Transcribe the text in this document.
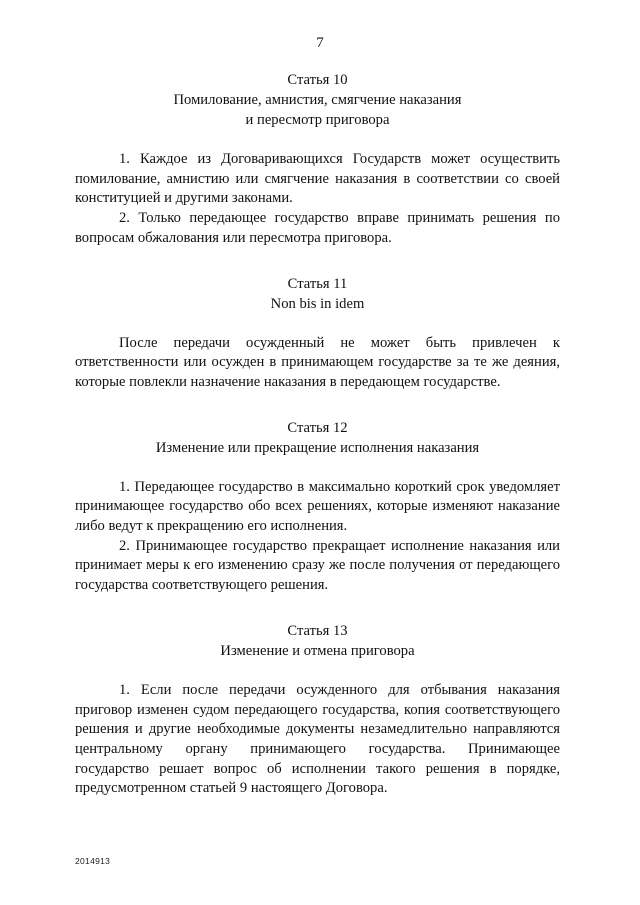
7
Статья 10
Помилование, амнистия, смягчение наказания
и пересмотр приговора

1. Каждое из Договаривающихся Государств может осуществить помилование, амнистию или смягчение наказания в соответствии со своей конституцией и другими законами.

2. Только передающее государство вправе принимать решения по вопросам обжалования или пересмотра приговора.

Статья 11
Non bis in idem

После передачи осужденный не может быть привлечен к ответственности или осужден в принимающем государстве за те же деяния, которые повлекли назначение наказания в передающем государстве.

Статья 12
Изменение или прекращение исполнения наказания

1. Передающее государство в максимально короткий срок уведомляет принимающее государство обо всех решениях, которые изменяют наказание либо ведут к прекращению его исполнения.

2. Принимающее государство прекращает исполнение наказания или принимает меры к его изменению сразу же после получения от передающего государства соответствующего решения.

Статья 13
Изменение и отмена приговора

1. Если после передачи осужденного для отбывания наказания приговор изменен судом передающего государства, копия соответствующего решения и другие необходимые документы незамедлительно направляются центральному органу принимающего государства. Принимающее государство решает вопрос об исполнении такого решения в порядке, предусмотренном статьей 9 настоящего Договора.

2014913
